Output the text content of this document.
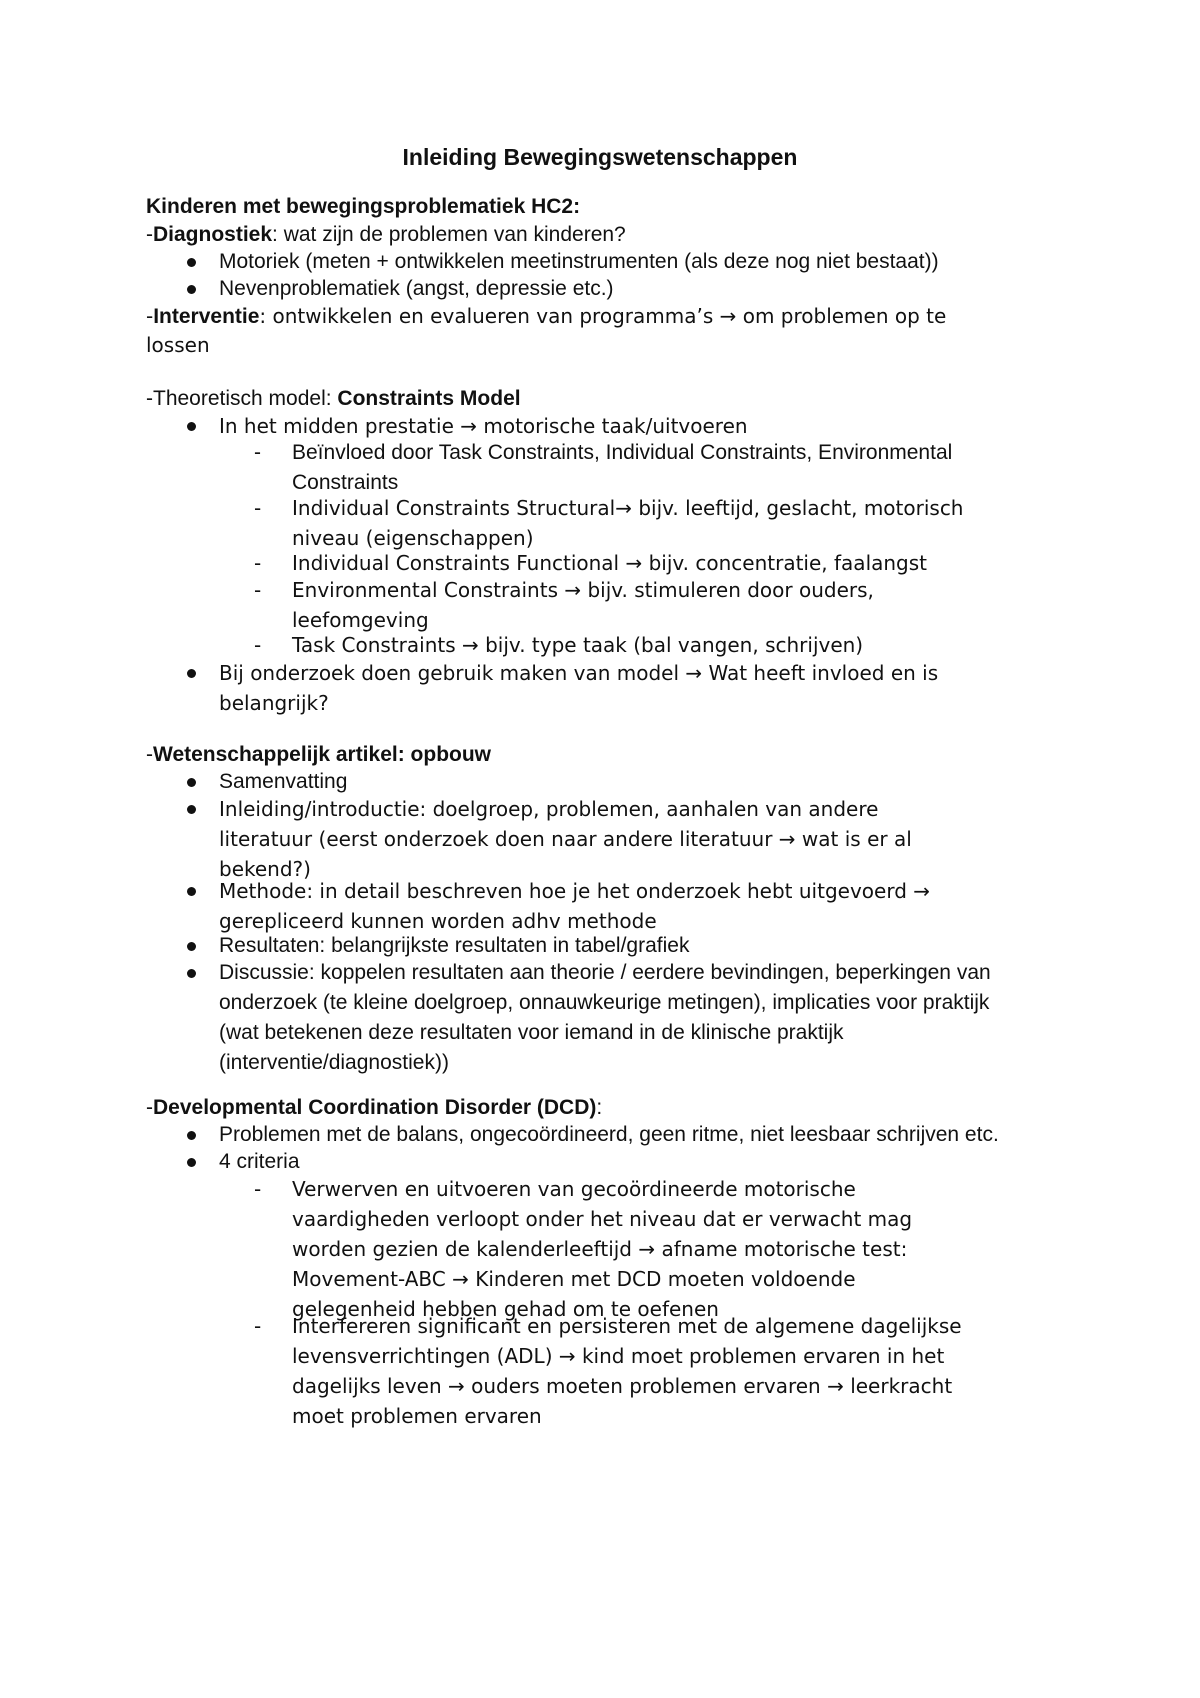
Inleiding Bewegingswetenschappen

Kinderen met bewegingsproblematiek HC2:

-Diagnostiek: wat zijn de problemen van kinderen?

Motoriek (meten + ontwikkelen meetinstrumenten (als deze nog niet bestaat))

Nevenproblematiek (angst, depressie etc.)

-Interventie: ontwikkelen en evalueren van programma’s → om problemen op te

lossen

-Theoretisch model: Constraints Model

In het midden prestatie → motorische taak/uitvoeren

- Beïnvloed door Task Constraints, Individual Constraints, Environmental
Constraints
- Individual Constraints Structural→ bijv. leeftijd, geslacht, motorisch
niveau (eigenschappen)
- Individual Constraints Functional → bijv. concentratie, faalangst
- Environmental Constraints → bijv. stimuleren door ouders,
leefomgeving
- Task Constraints → bijv. type taak (bal vangen, schrijven)
Bij onderzoek doen gebruik maken van model → Wat heeft invloed en is
belangrijk?

-Wetenschappelijk artikel: opbouw

Samenvatting
Inleiding/introductie: doelgroep, problemen, aanhalen van andere
literatuur (eerst onderzoek doen naar andere literatuur → wat is er al
bekend?)
Methode: in detail beschreven hoe je het onderzoek hebt uitgevoerd →
gerepliceerd kunnen worden adhv methode
Resultaten: belangrijkste resultaten in tabel/grafiek
Discussie: koppelen resultaten aan theorie / eerdere bevindingen, beperkingen van
onderzoek (te kleine doelgroep, onnauwkeurige metingen), implicaties voor praktijk
(wat betekenen deze resultaten voor iemand in de klinische praktijk
(interventie/diagnostiek))

-Developmental Coordination Disorder (DCD):

Problemen met de balans, ongecoördineerd, geen ritme, niet leesbaar schrijven etc.
4 criteria
- Verwerven en uitvoeren van gecoördineerde motorische
vaardigheden verloopt onder het niveau dat er verwacht mag
worden gezien de kalenderleeftijd → afname motorische test:
Movement-ABC → Kinderen met DCD moeten voldoende
gelegenheid hebben gehad om te oefenen
- Interfereren significant en persisteren met de algemene dagelijkse
levensverrichtingen (ADL) → kind moet problemen ervaren in het
dagelijks leven → ouders moeten problemen ervaren → leerkracht
moet problemen ervaren
